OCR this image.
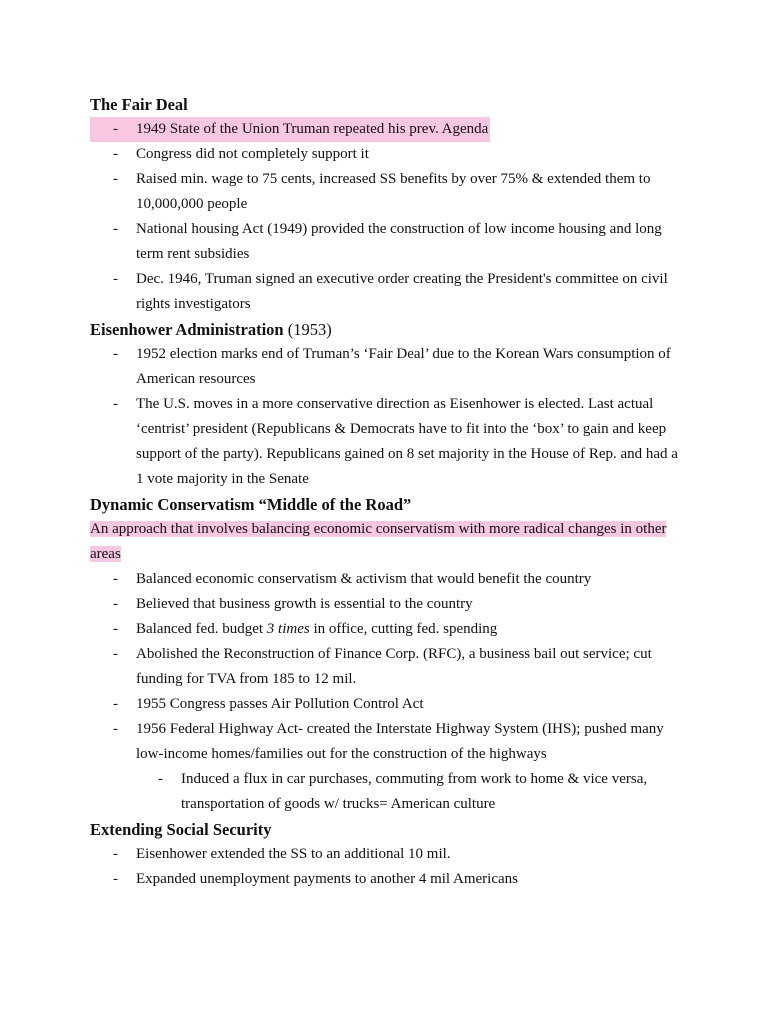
The Fair Deal
-	1949 State of the Union Truman repeated his prev. Agenda
-	Congress did not completely support it
-	Raised min. wage to 75 cents, increased SS benefits by over 75% & extended them to 10,000,000 people
-	National housing Act (1949) provided the construction of low income housing and long term rent subsidies
-	Dec. 1946, Truman signed an executive order creating the President's committee on civil rights investigators
Eisenhower Administration (1953)
-	1952 election marks end of Truman’s ‘Fair Deal’ due to the Korean Wars consumption of American resources
-	The U.S. moves in a more conservative direction as Eisenhower is elected. Last actual ‘centrist’ president (Republicans & Democrats have to fit into the ‘box’ to gain and keep support of the party). Republicans gained on 8 set majority in the House of Rep. and had a 1 vote majority in the Senate
Dynamic Conservatism “Middle of the Road”
An approach that involves balancing economic conservatism with more radical changes in other areas
-	Balanced economic conservatism & activism that would benefit the country
-	Believed that business growth is essential to the country
-	Balanced fed. budget 3 times in office, cutting fed. spending
-	Abolished the Reconstruction of Finance Corp. (RFC), a business bail out service; cut funding for TVA from 185 to 12 mil.
-	1955 Congress passes Air Pollution Control Act
-	1956 Federal Highway Act- created the Interstate Highway System (IHS); pushed many low-income homes/families out for the construction of the highways
-	Induced a flux in car purchases, commuting from work to home & vice versa, transportation of goods w/ trucks= American culture
Extending Social Security
-	Eisenhower extended the SS to an additional 10 mil.
-	Expanded unemployment payments to another 4 mil Americans
